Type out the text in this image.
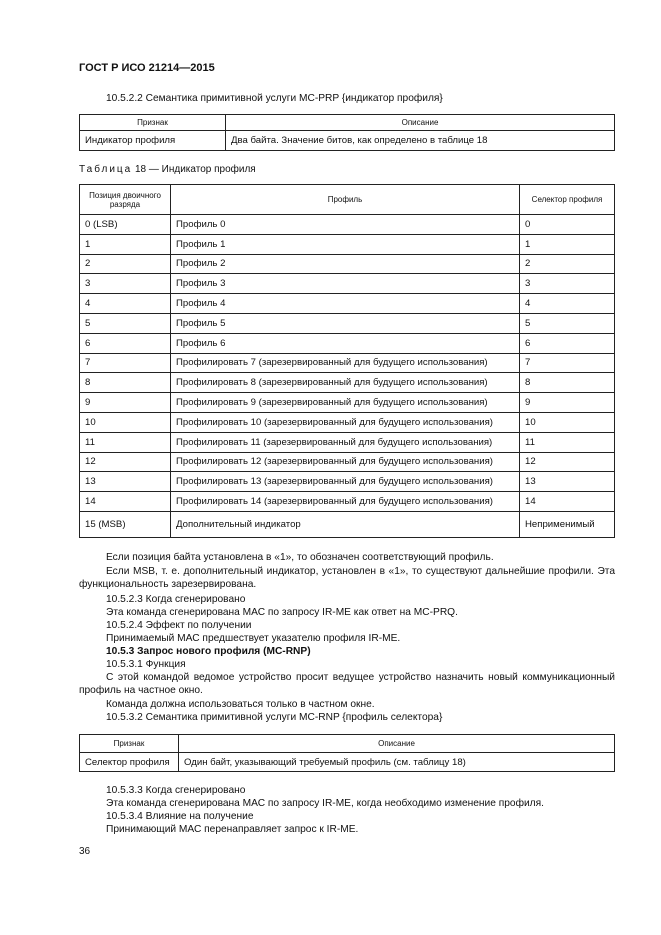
ГОСТ Р ИСО 21214—2015

10.5.2.2 Семантика примитивной услуги МС-PRP {индикатор профиля}

Признак	Описание
Индикатор профиля	Два байта. Значение битов, как определено в таблице 18
Таблица 18 — Индикатор профиля
Позиция двоичного разряда	Профиль	Селектор профиля
0 (LSB)	Профиль 0	0
1	Профиль 1	1
2	Профиль 2	2
3	Профиль 3	3
4	Профиль 4	4
5	Профиль 5	5
6	Профиль 6	6
7	Профилировать 7 (зарезервированный для будущего использования)	7
8	Профилировать 8 (зарезервированный для будущего использования)	8
9	Профилировать 9 (зарезервированный для будущего использования)	9
10	Профилировать 10 (зарезервированный для будущего использования)	10
11	Профилировать 11 (зарезервированный для будущего использования)	11
12	Профилировать 12 (зарезервированный для будущего использования)	12
13	Профилировать 13 (зарезервированный для будущего использования)	13
14	Профилировать 14 (зарезервированный для будущего использования)	14
15 (MSB)	Дополнительный индикатор	Неприменимый

Если позиция байта установлена в «1», то обозначен соответствующий профиль.

Если MSB, т. е. дополнительный индикатор, установлен в «1», то существуют дальнейшие профили. Эта функциональность зарезервирована.

10.5.2.3 Когда сгенерировано

Эта команда сгенерирована МАС по запросу IR-ME как ответ на MC-PRQ.

10.5.2.4 Эффект по получении

Принимаемый МАС предшествует указателю профиля IR-ME.

10.5.3 Запрос нового профиля (MC-RNP)

10.5.3.1 Функция

С этой командой ведомое устройство просит ведущее устройство назначить новый коммуникационный профиль на частное окно.

Команда должна использоваться только в частном окне.

10.5.3.2 Семантика примитивной услуги MC-RNP {профиль селектора}

Признак	Описание
Селектор профиля	Один байт, указывающий требуемый профиль (см. таблицу 18)

10.5.3.3 Когда сгенерировано

Эта команда сгенерирована МАС по запросу IR-ME, когда необходимо изменение профиля.

10.5.3.4 Влияние на получение

Принимающий МАС перенаправляет запрос к IR-ME.

36
